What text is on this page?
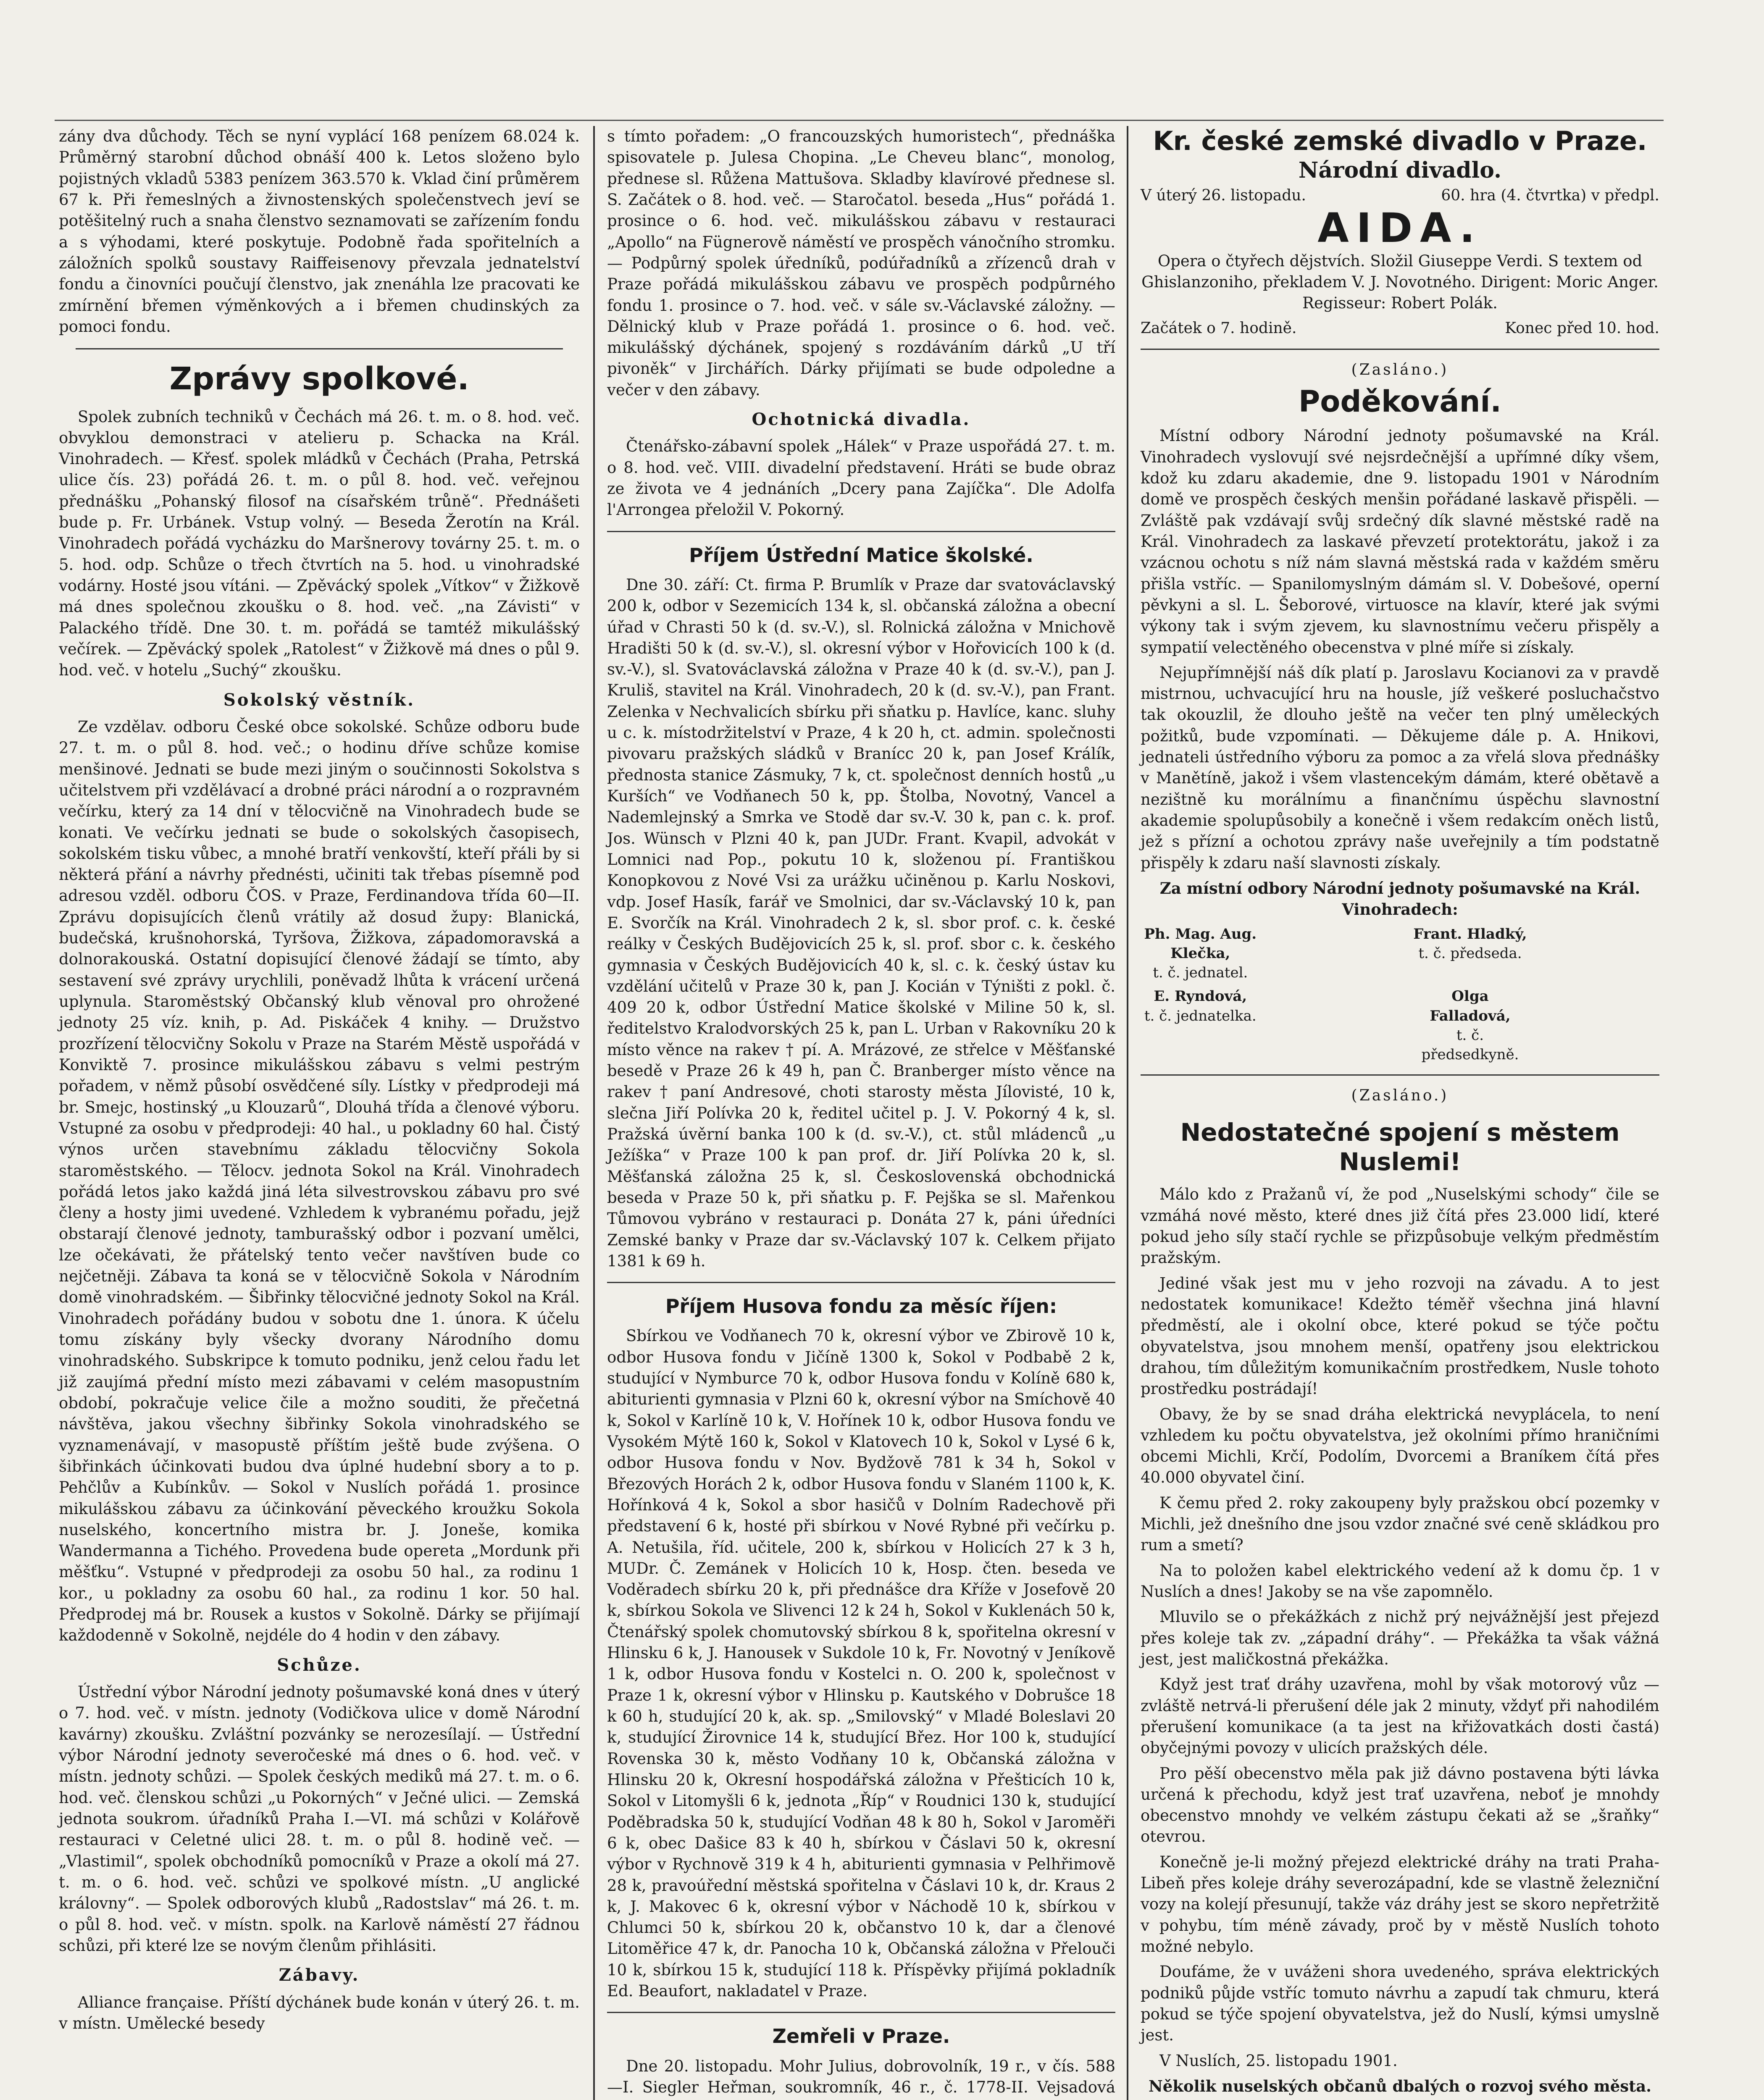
zány dva důchody. Těch se nyní vyplácí 168 penízem 68.024 k. Průměrný starobní důchod obnáší 400 k. Letos složeno bylo pojistných vkladů 5383 penízem 363.570 k. Vklad činí průměrem 67 k. Při řemeslných a živnostenských společenstvech jeví se potěšitelný ruch a snaha členstvo seznamovati se zařízením fondu a s výhodami, které poskytuje. Podobně řada spořitelních a záložních spolků soustavy Raiffeisenovy převzala jednatelství fondu a činovníci poučují členstvo, jak znenáhla lze pracovati ke zmírnění břemen výměnkových a i břemen chudinských za pomoci fondu.

Zprávy spolkové.

Spolek zubních techniků v Čechách má 26. t. m. o 8. hod. več. obvyklou demonstraci v atelieru p. Schacka na Král. Vinohradech. — Křesť. spolek mládků v Čechách (Praha, Petrská ulice čís. 23) pořádá 26. t. m. o půl 8. hod. več. veřejnou přednášku „Pohanský filosof na císařském trůně“. Přednášeti bude p. Fr. Urbánek. Vstup volný. — Beseda Žerotín na Král. Vinohradech pořádá vycházku do Maršnerovy továrny 25. t. m. o 5. hod. odp. Schůze o třech čtvrtích na 5. hod. u vinohradské vodárny. Hosté jsou vítáni. — Zpěvácký spolek „Vítkov“ v Žižkově má dnes společnou zkoušku o 8. hod. več. „na Závisti“ v Palackého třídě. Dne 30. t. m. pořádá se tamtéž mikulášský večírek. — Zpěvácký spolek „Ratolest“ v Žižkově má dnes o půl 9. hod. več. v hotelu „Suchý“ zkoušku.

Sokolský věstník.

Ze vzdělav. odboru České obce sokolské. Schůze odboru bude 27. t. m. o půl 8. hod. več.; o hodinu dříve schůze komise menšinové. Jednati se bude mezi jiným o součinnosti Sokolstva s učitelstvem při vzdělávací a drobné práci národní a o rozpravném večírku, který za 14 dní v tělocvičně na Vinohradech bude se konati. Ve večírku jednati se bude o sokolských časopisech, sokolském tisku vůbec, a mnohé bratří venkovští, kteří přáli by si některá přání a návrhy přednésti, učiniti tak třebas písemně pod adresou vzděl. odboru ČOS. v Praze, Ferdinandova třída 60—II. Zprávu dopisujících členů vrátily až dosud župy: Blanická, budečská, krušnohorská, Tyršova, Žižkova, západomoravská a dolnorakouská. Ostatní dopisující členové žádají se tímto, aby sestavení své zprávy urychlili, poněvadž lhůta k vrácení určená uplynula. Staroměstský Občanský klub věnoval pro ohrožené jednoty 25 víz. knih, p. Ad. Piskáček 4 knihy. — Družstvo prozřízení tělocvičny Sokolu v Praze na Starém Městě uspořádá v Konviktě 7. prosince mikulášskou zábavu s velmi pestrým pořadem, v němž působí osvědčené síly. Lístky v předprodeji má br. Smejc, hostinský „u Klouzarů“, Dlouhá třída a členové výboru. Vstupné za osobu v předprodeji: 40 hal., u pokladny 60 hal. Čistý výnos určen stavebnímu základu tělocvičny Sokola staroměstského. — Tělocv. jednota Sokol na Král. Vinohradech pořádá letos jako každá jiná léta silvestrovskou zábavu pro své členy a hosty jimi uvedené. Vzhledem k vybranému pořadu, jejž obstarají členové jednoty, tamburašský odbor i pozvaní umělci, lze očekávati, že přátelský tento večer navštíven bude co nejčetněji. Zábava ta koná se v tělocvičně Sokola v Národním domě vinohradském. — Šibřinky tělocvičné jednoty Sokol na Král. Vinohradech pořádány budou v sobotu dne 1. února. K účelu tomu získány byly všecky dvorany Národního domu vinohradského. Subskripce k tomuto podniku, jenž celou řadu let již zaujímá přední místo mezi zábavami v celém masopustním období, pokračuje velice čile a možno souditi, že přečetná návštěva, jakou všechny šibřinky Sokola vinohradského se vyznamenávají, v masopustě příštím ještě bude zvýšena. O šibřinkách účinkovati budou dva úplné hudební sbory a to p. Pehčlův a Kubínkův. — Sokol v Nuslích pořádá 1. prosince mikulášskou zábavu za účinkování pěveckého kroužku Sokola nuselského, koncertního mistra br. J. Joneše, komika Wandermanna a Tichého. Provedena bude opereta „Mordunk při měšťku“. Vstupné v předprodeji za osobu 50 hal., za rodinu 1 kor., u pokladny za osobu 60 hal., za rodinu 1 kor. 50 hal. Předprodej má br. Rousek a kustos v Sokolně. Dárky se přijímají každodenně v Sokolně, nejdéle do 4 hodin v den zábavy.

Schůze.

Ústřední výbor Národní jednoty pošumavské koná dnes v úterý o 7. hod. več. v místn. jednoty (Vodičkova ulice v domě Národní kavárny) zkoušku. Zvláštní pozvánky se nerozesílají. — Ústřední výbor Národní jednoty severočeské má dnes o 6. hod. več. v místn. jednoty schůzi. — Spolek českých mediků má 27. t. m. o 6. hod. več. členskou schůzi „u Pokorných“ v Ječné ulici. — Zemská jednota soukrom. úřadníků Praha I.—VI. má schůzi v Kolářově restauraci v Celetné ulici 28. t. m. o půl 8. hodině več. — „Vlastimil“, spolek obchodníků pomocníků v Praze a okolí má 27. t. m. o 6. hod. več. schůzi ve spolkové místn. „U anglické královny“. — Spolek odborových klubů „Radostslav“ má 26. t. m. o půl 8. hod. več. v místn. spolk. na Karlově náměstí 27 řádnou schůzi, při které lze se novým členům přihlásiti.

Zábavy.

Alliance française. Příští dýchánek bude konán v úterý 26. t. m. v místn. Umělecké besedy

s tímto pořadem: „O francouzských humoristech“, přednáška spisovatele p. Julesa Chopina. „Le Cheveu blanc“, monolog, přednese sl. Růžena Mattušova. Skladby klavírové přednese sl. S. Začátek o 8. hod. več. — Staročatol. beseda „Hus“ pořádá 1. prosince o 6. hod. več. mikulášskou zábavu v restauraci „Apollo“ na Fügnerově náměstí ve prospěch vánočního stromku. — Podpůrný spolek úředníků, podúřadníků a zřízenců drah v Praze pořádá mikulášskou zábavu ve prospěch podpůrného fondu 1. prosince o 7. hod. več. v sále sv.-Václavské záložny. — Dělnický klub v Praze pořádá 1. prosince o 6. hod. več. mikulášský dýchánek, spojený s rozdáváním dárků „U tří pivoněk“ v Jirchářích. Dárky přijímati se bude odpoledne a večer v den zábavy.

Ochotnická divadla.

Čtenářsko-zábavní spolek „Hálek“ v Praze uspořádá 27. t. m. o 8. hod. več. VIII. divadelní představení. Hráti se bude obraz ze života ve 4 jednáních „Dcery pana Zajíčka“. Dle Adolfa l'Arrongea přeložil V. Pokorný.

Příjem Ústřední Matice školské.

Dne 30. září: Ct. firma P. Brumlík v Praze dar svatováclavský 200 k, odbor v Sezemicích 134 k, sl. občanská záložna a obecní úřad v Chrasti 50 k (d. sv.-V.), sl. Rolnická záložna v Mnichově Hradišti 50 k (d. sv.-V.), sl. okresní výbor v Hořovicích 100 k (d. sv.-V.), sl. Svatováclavská záložna v Praze 40 k (d. sv.-V.), pan J. Kruliš, stavitel na Král. Vinohradech, 20 k (d. sv.-V.), pan Frant. Zelenka v Nechvalicích sbírku při sňatku p. Havlíce, kanc. sluhy u c. k. místodržitelství v Praze, 4 k 20 h, ct. admin. společnosti pivovaru pražských sládků v Branícc 20 k, pan Josef Králík, přednosta stanice Zásmuky, 7 k, ct. společnost denních hostů „u Kurších“ ve Vodňanech 50 k, pp. Štolba, Novotný, Vancel a Nademlejnský a Smrka ve Stodě dar sv.-V. 30 k, pan c. k. prof. Jos. Wünsch v Plzni 40 k, pan JUDr. Frant. Kvapil, advokát v Lomnici nad Pop., pokutu 10 k, složenou pí. Františkou Konopkovou z Nové Vsi za urážku učiněnou p. Karlu Noskovi, vdp. Josef Hasík, farář ve Smolnici, dar sv.-Václavský 10 k, pan E. Svorčík na Král. Vinohradech 2 k, sl. sbor prof. c. k. české reálky v Českých Budějovicích 25 k, sl. prof. sbor c. k. českého gymnasia v Českých Budějovicích 40 k, sl. c. k. český ústav ku vzdělání učitelů v Praze 30 k, pan J. Kocián v Týništi z pokl. č. 409 20 k, odbor Ústřední Matice školské v Miline 50 k, sl. ředitelstvo Kralodvorských 25 k, pan L. Urban v Rakovníku 20 k místo věnce na rakev † pí. A. Mrázové, ze střelce v Měšťanské besedě v Praze 26 k 49 h, pan Č. Branberger místo věnce na rakev † paní Andresové, choti starosty města Jílovisté, 10 k, slečna Jiří Polívka 20 k, ředitel učitel p. J. V. Pokorný 4 k, sl. Pražská úvěrní banka 100 k (d. sv.-V.), ct. stůl mládenců „u Ježíška“ v Praze 100 k pan prof. dr. Jiří Polívka 20 k, sl. Měšťanská záložna 25 k, sl. Československá obchodnická beseda v Praze 50 k, při sňatku p. F. Pejška se sl. Mařenkou Tůmovou vybráno v restauraci p. Donáta 27 k, páni úředníci Zemské banky v Praze dar sv.-Václavský 107 k. Celkem přijato 1381 k 69 h.

Příjem Husova fondu za měsíc říjen:

Sbírkou ve Vodňanech 70 k, okresní výbor ve Zbirově 10 k, odbor Husova fondu v Jičíně 1300 k, Sokol v Podbabě 2 k, studující v Nymburce 70 k, odbor Husova fondu v Kolíně 680 k, abiturienti gymnasia v Plzni 60 k, okresní výbor na Smíchově 40 k, Sokol v Karlíně 10 k, V. Hořínek 10 k, odbor Husova fondu ve Vysokém Mýtě 160 k, Sokol v Klatovech 10 k, Sokol v Lysé 6 k, odbor Husova fondu v Nov. Bydžově 781 k 34 h, Sokol v Březových Horách 2 k, odbor Husova fondu v Slaném 1100 k, K. Hořínková 4 k, Sokol a sbor hasičů v Dolním Radechově při představení 6 k, hosté při sbírkou v Nové Rybné při večírku p. A. Netušila, říd. učitele, 200 k, sbírkou v Holicích 27 k 3 h, MUDr. Č. Zemánek v Holicích 10 k, Hosp. čten. beseda ve Voděradech sbírku 20 k, při přednášce dra Kříže v Josefově 20 k, sbírkou Sokola ve Slivenci 12 k 24 h, Sokol v Kuklenách 50 k, Čtenářský spolek chomutovský sbírkou 8 k, spořitelna okresní v Hlinsku 6 k, J. Hanousek v Sukdole 10 k, Fr. Novotný v Jeníkově 1 k, odbor Husova fondu v Kostelci n. O. 200 k, společnost v Praze 1 k, okresní výbor v Hlinsku p. Kautského v Dobrušce 18 k 60 h, studující 20 k, ak. sp. „Smilovský“ v Mladé Boleslavi 20 k, studující Žirovnice 14 k, studující Břez. Hor 100 k, studující Rovenska 30 k, město Vodňany 10 k, Občanská záložna v Hlinsku 20 k, Okresní hospodářská záložna v Přešticích 10 k, Sokol v Litomyšli 6 k, jednota „Říp“ v Roudnici 130 k, studující Poděbradska 50 k, studující Vodňan 48 k 80 h, Sokol v Jaroměři 6 k, obec Dašice 83 k 40 h, sbírkou v Čáslavi 50 k, okresní výbor v Rychnově 319 k 4 h, abiturienti gymnasia v Pelhřimově 28 k, pravoúřední městská spořitelna v Čáslavi 10 k, dr. Kraus 2 k, J. Makovec 6 k, okresní výbor v Náchodě 10 k, sbírkou v Chlumci 50 k, sbírkou 20 k, občanstvo 10 k, dar a členové Litoměřice 47 k, dr. Panocha 10 k, Občanská záložna v Přelouči 10 k, sbírkou 15 k, studující 118 k. Příspěvky přijímá pokladník Ed. Beaufort, nakladatel v Praze.

Zemřeli v Praze.

Dne 20. listopadu. Mohr Julius, dobrovolník, 19 r., v čís. 588—I. Siegler Heřman, soukromník, 46 r., č. 1778-II. Vejsadová

Kr. české zemské divadlo v Praze.
Národní divadlo.
V úterý 26. listopadu.	60. hra (4. čtvrtka) v předpl.
AIDA.

Opera o čtyřech dějstvích. Složil Giuseppe Verdi. S textem od Ghislanzoniho, překladem V. J. Novotného. Dirigent: Moric Anger. Regisseur: Robert Polák.

Začátek o 7. hodině.	Konec před 10. hod.
(Zasláno.)
Poděkování.

Místní odbory Národní jednoty pošumavské na Král. Vinohradech vyslovují své nejsrdečnější a upřímné díky všem, kdož ku zdaru akademie, dne 9. listopadu 1901 v Národním domě ve prospěch českých menšin pořádané laskavě přispěli. — Zvláště pak vzdávají svůj srdečný dík slavné městské radě na Král. Vinohradech za laskavé převzetí protektorátu, jakož i za vzácnou ochotu s níž nám slavná městská rada v každém směru přišla vstříc. — Spanilomyslným dámám sl. V. Dobešové, operní pěvkyni a sl. L. Šeborové, virtuosce na klavír, které jak svými výkony tak i svým zjevem, ku slavnostnímu večeru přispěly a sympatií velectěného obecenstva v plné míře si získaly.

Nejupřímnější náš dík platí p. Jaroslavu Kocianovi za v pravdě mistrnou, uchvacující hru na housle, jíž veškeré posluchačstvo tak okouzlil, že dlouho ještě na večer ten plný uměleckých požitků, bude vzpomínati. — Děkujeme dále p. A. Hnikovi, jednateli ústředního výboru za pomoc a za vřelá slova přednášky v Manětíně, jakož i všem vlastencekým dámám, které obětavě a nezištně ku morálnímu a finančnímu úspěchu slavnostní akademie spolupůsobily a konečně i všem redakcím oněch listů, jež s přízní a ochotou zprávy naše uveřejnily a tím podstatně přispěly k zdaru naší slavnosti získaly.

Za místní odbory Národní jednoty pošumavské na Král. Vinohradech:

Ph. Mag. Aug. Klečka,
t. č. jednatel.
Frant. Hladký,
t. č. předseda.
E. Ryndová,
t. č. jednatelka.
Olga Falladová,
t. č. předsedkyně.
(Zasláno.)
Nedostatečné spojení s městem Nuslemi!

Málo kdo z Pražanů ví, že pod „Nuselskými schody“ čile se vzmáhá nové město, které dnes již čítá přes 23.000 lidí, které pokud jeho síly stačí rychle se přizpůsobuje velkým předměstím pražským.

Jediné však jest mu v jeho rozvoji na závadu. A to jest nedostatek komunikace! Kdežto téměř všechna jiná hlavní předměstí, ale i okolní obce, které pokud se týče počtu obyvatelstva, jsou mnohem menší, opatřeny jsou elektrickou drahou, tím důležitým komunikačním prostředkem, Nusle tohoto prostředku postrádají!

Obavy, že by se snad dráha elektrická nevyplácela, to není vzhledem ku počtu obyvatelstva, jež okolními přímo hraničními obcemi Michli, Krčí, Podolím, Dvorcemi a Braníkem čítá přes 40.000 obyvatel činí.

K čemu před 2. roky zakoupeny byly pražskou obcí pozemky v Michli, jež dnešního dne jsou vzdor značné své ceně skládkou pro rum a smetí?

Na to položen kabel elektrického vedení až k domu čp. 1 v Nuslích a dnes! Jakoby se na vše zapomnělo.

Mluvilo se o překážkách z nichž prý nejvážnější jest přejezd přes koleje tak zv. „západní dráhy“. — Překážka ta však vážná jest, jest maličkostná překážka.

Když jest trať dráhy uzavřena, mohl by však motorový vůz — zvláště netrvá-li přerušení déle jak 2 minuty, vždyť při nahodilém přerušení komunikace (a ta jest na křižovatkách dosti častá) obyčejnými povozy v ulicích pražských déle.

Pro pěší obecenstvo měla pak již dávno postavena býti lávka určená k přechodu, když jest trať uzavřena, neboť je mnohdy obecenstvo mnohdy ve velkém zástupu čekati až se „šraňky“ otevrou.

Konečně je-li možný přejezd elektrické dráhy na trati Praha-Libeň přes koleje dráhy severozápadní, kde se vlastně železniční vozy na kolejí přesunují, takže váz dráhy jest se skoro nepřetržitě v pohybu, tím méně závady, proč by v městě Nuslích tohoto možné nebylo.

Doufáme, že v uváženi shora uvedeného, správa elektrických podniků půjde vstříc tomuto návrhu a zapudí tak chmuru, která pokud se týče spojení obyvatelstva, jež do Nuslí, kýmsi umyslně jest.

V Nuslích, 25. listopadu 1901.

Několik nuselských občanů dbalých o rozvoj svého města.
